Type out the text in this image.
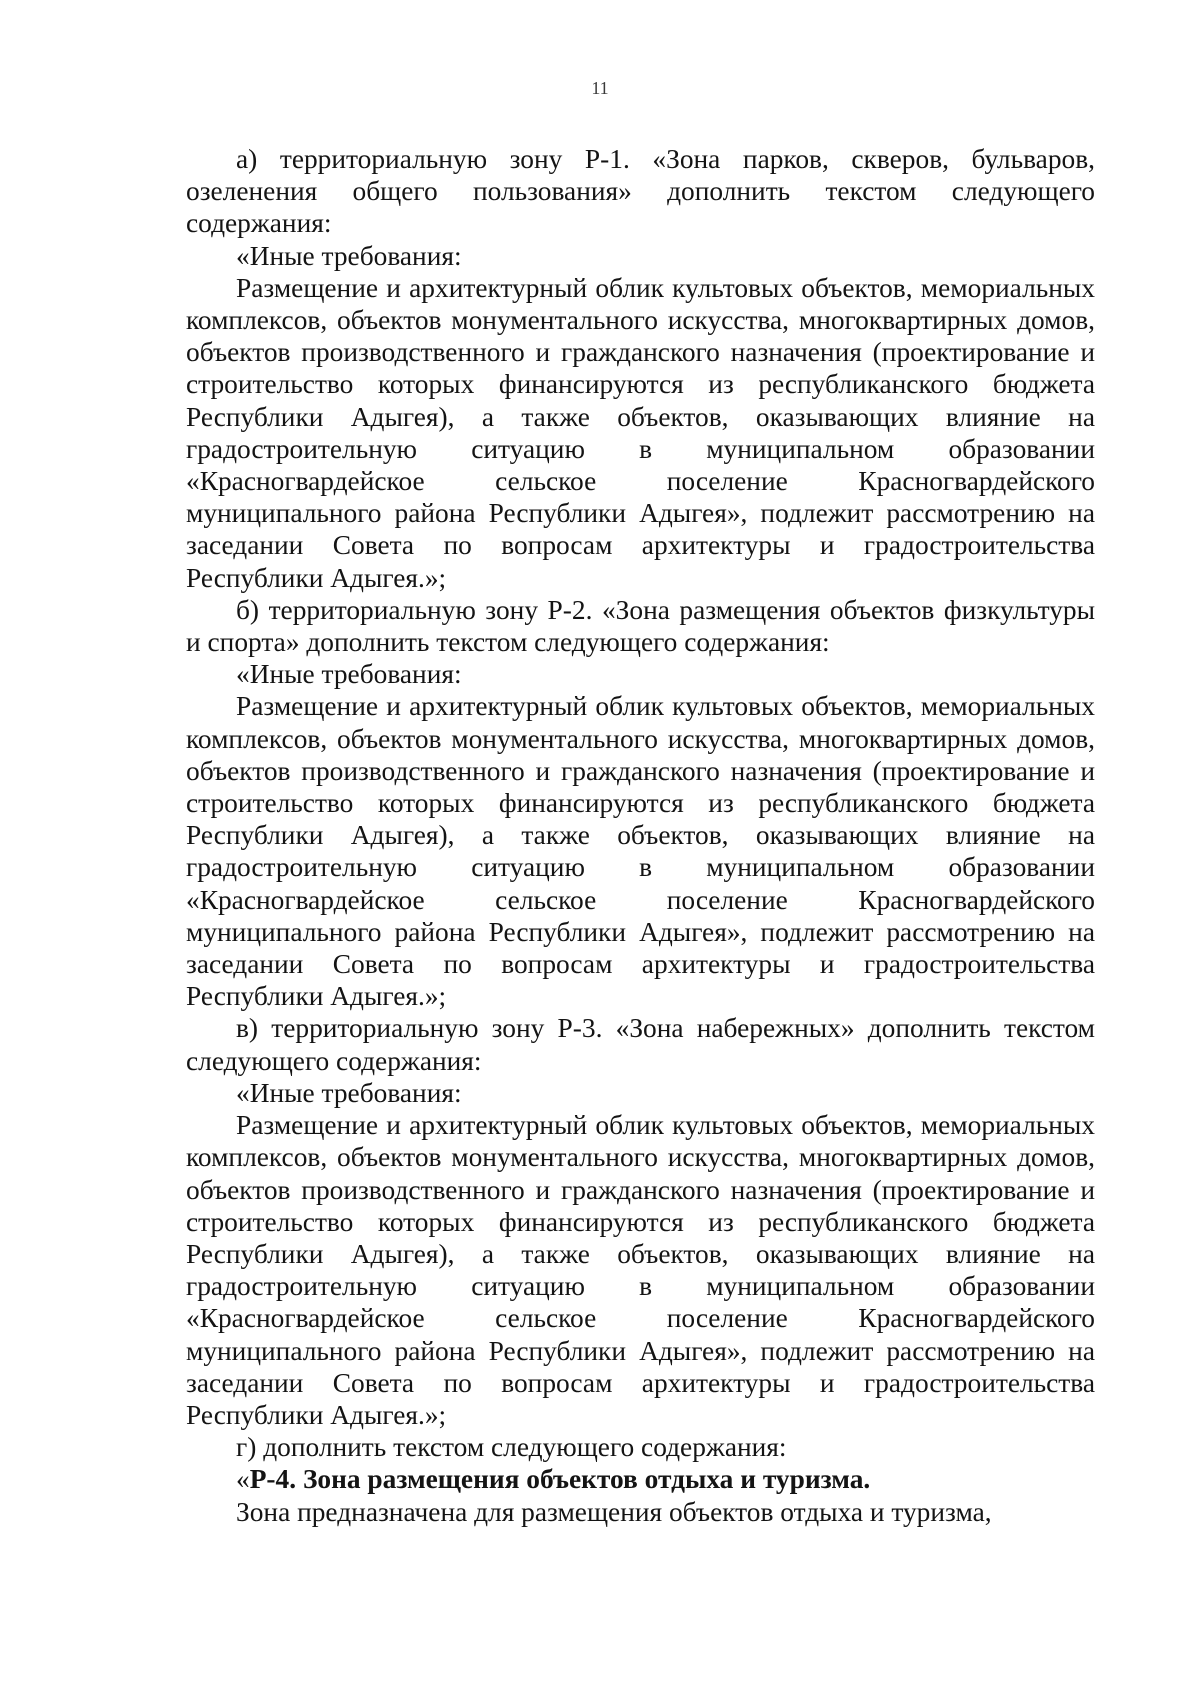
11

а) территориальную зону Р-1. «Зона парков, скверов, бульваров, озеленения общего пользования» дополнить текстом следующего содержания:

«Иные требования:

Размещение и архитектурный облик культовых объектов, мемориальных комплексов, объектов монументального искусства, многоквартирных домов, объектов производственного и гражданского назначения (проектирование и строительство которых финансируются из республиканского бюджета Республики Адыгея), а также объектов, оказывающих влияние на градостроительную ситуацию в муниципальном образовании «Красногвардейское сельское поселение Красногвардейского муниципального района Республики Адыгея», подлежит рассмотрению на заседании Совета по вопросам архитектуры и градостроительства Республики Адыгея.»;

б) территориальную зону Р-2. «Зона размещения объектов физкультуры и спорта» дополнить текстом следующего содержания:

«Иные требования:

Размещение и архитектурный облик культовых объектов, мемориальных комплексов, объектов монументального искусства, многоквартирных домов, объектов производственного и гражданского назначения (проектирование и строительство которых финансируются из республиканского бюджета Республики Адыгея), а также объектов, оказывающих влияние на градостроительную ситуацию в муниципальном образовании «Красногвардейское сельское поселение Красногвардейского муниципального района Республики Адыгея», подлежит рассмотрению на заседании Совета по вопросам архитектуры и градостроительства Республики Адыгея.»;

в) территориальную зону Р-3. «Зона набережных» дополнить текстом следующего содержания:

«Иные требования:

Размещение и архитектурный облик культовых объектов, мемориальных комплексов, объектов монументального искусства, многоквартирных домов, объектов производственного и гражданского назначения (проектирование и строительство которых финансируются из республиканского бюджета Республики Адыгея), а также объектов, оказывающих влияние на градостроительную ситуацию в муниципальном образовании «Красногвардейское сельское поселение Красногвардейского муниципального района Республики Адыгея», подлежит рассмотрению на заседании Совета по вопросам архитектуры и градостроительства Республики Адыгея.»;

г) дополнить текстом следующего содержания:

«Р-4. Зона размещения объектов отдыха и туризма.

Зона предназначена для размещения объектов отдыха и туризма,
